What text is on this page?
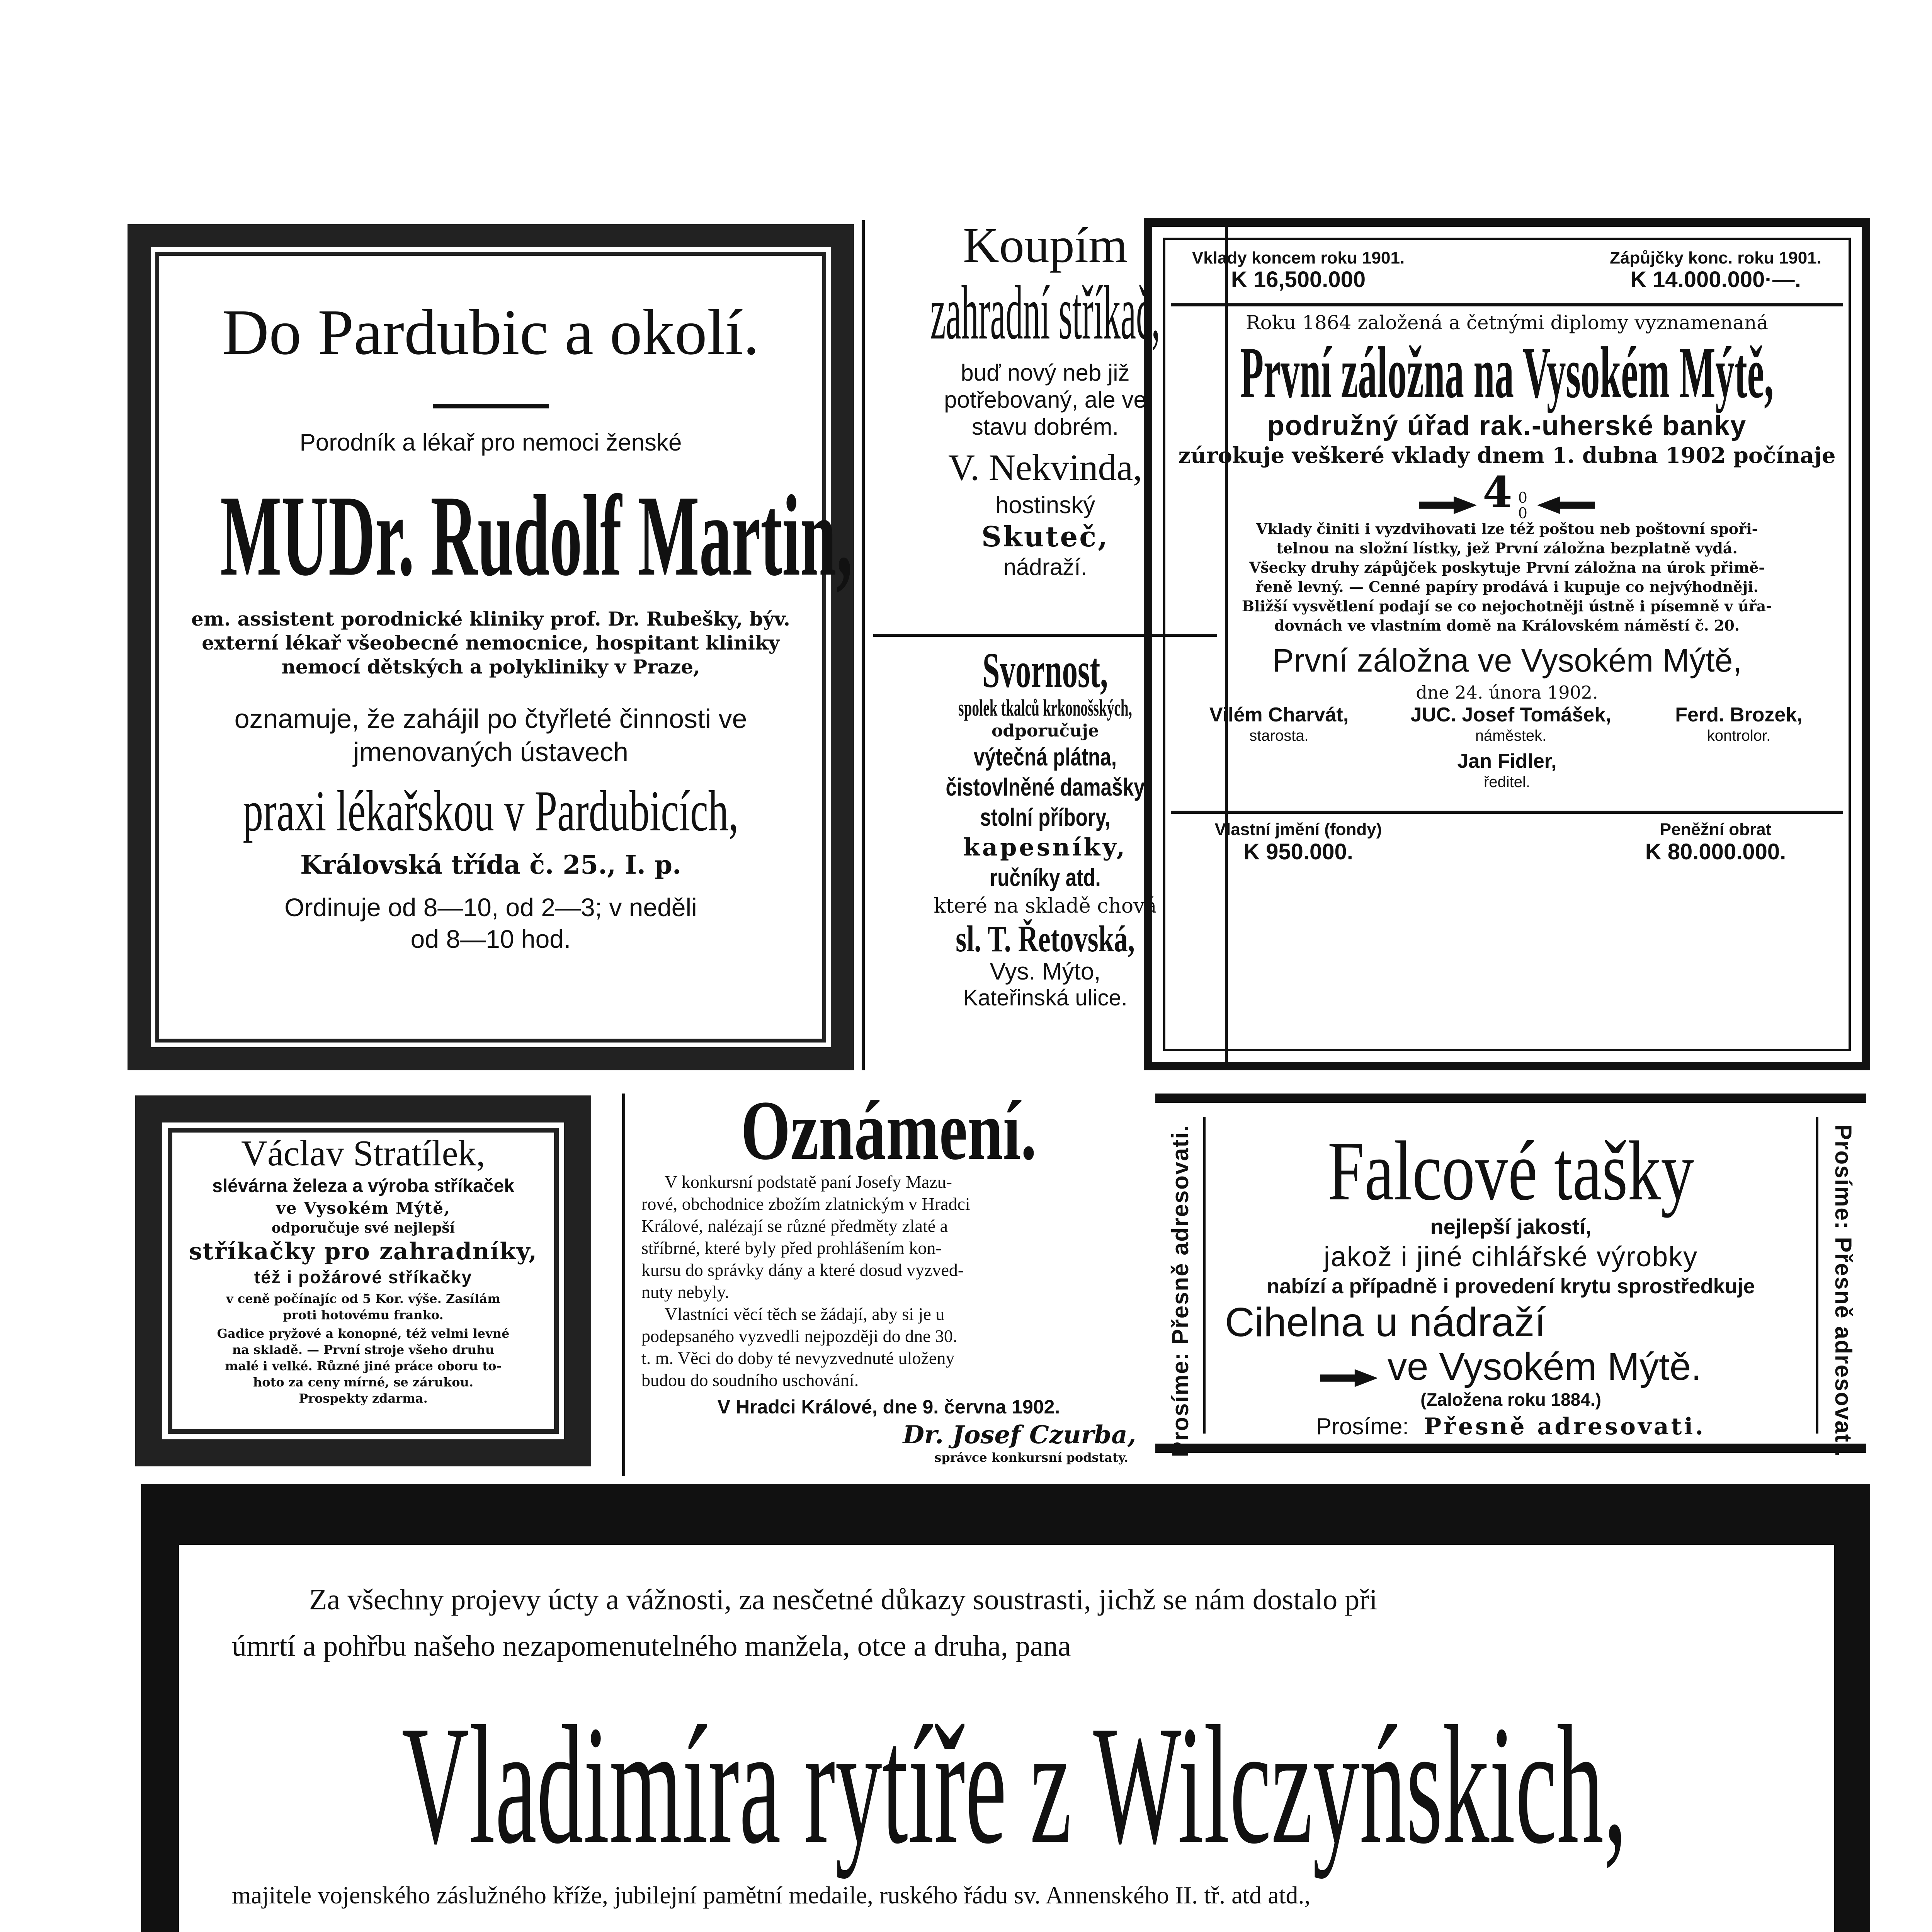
Do Pardubic a okolí.
Porodník a lékař pro nemoci ženské
MUDr. Rudolf Martin,
em. assistent porodnické kliniky prof. Dr. Rubešky, býv.
externí lékař všeobecné nemocnice, hospitant kliniky
nemocí dětských a polykliniky v Praze,
oznamuje, že zahájil po čtyřleté činnosti ve
jmenovaných ústavech
praxi lékařskou v Pardubicích,
Královská třída č. 25., I. p.
Ordinuje od 8—10, od 2—3; v neděli
od 8—10 hod.
Koupím
zahradní stříkač,
buď nový neb již
potřebovaný, ale ve
stavu dobrém.
V. Nekvinda,
hostinský
Skuteč,
nádraží.
Svornost,
spolek tkalců krkonošských,
odporučuje
výtečná plátna,
čistovlněné damašky
stolní příbory,
kapesníky,
ručníky atd.
které na skladě chová
sl. T. Řetovská,
Vys. Mýto,
Kateřinská ulice.
Vklady koncem roku 1901.
K 16,500.000
Zápůjčky konc. roku 1901.
K 14.000.000·—.
Roku 1864 založená a četnými diplomy vyznamenaná
První záložna na Vysokém Mýtě,
podružný úřad rak.-uherské banky
zúrokuje veškeré vklady dnem 1. dubna 1902 počínaje
4 0
0

Vklady činiti i vyzdvihovati lze též poštou neb poštovní spoři-
telnou na složní lístky, jež První záložna bezplatně vydá.
Všecky druhy zápůjček poskytuje První záložna na úrok přimě-
řeně levný. — Cenné papíry prodává i kupuje co nejvýhodněji.
Bližší vysvětlení podají se co nejochotněji ústně i písemně v úřa-
dovnách ve vlastním domě na Královském náměstí č. 20.
První záložna ve Vysokém Mýtě,
dne 24. února 1902.
Vilém Charvát,
starosta.
JUC. Josef Tomášek,
náměstek.
Ferd. Brozek,
kontrolor.
Jan Fidler,
ředitel.
Vlastní jmění (fondy)
K 950.000.
Peněžní obrat
K 80.000.000.
Václav Stratílek,
slévárna železa a výroba stříkaček
ve Vysokém Mýtě,
odporučuje své nejlepší
stříkačky pro zahradníky,
též i požárové stříkačky
v ceně počínajíc od 5 Kor. výše. Zasílám
proti hotovému franko.
Gadice pryžové a konopné, též velmi levné
na skladě. — První stroje všeho druhu
malé i velké. Různé jiné práce oboru to-
hoto za ceny mírné, se zárukou.
Prospekty zdarma.
Oznámení.
V konkursní podstatě paní Josefy Mazu-
rové, obchodnice zbožím zlatnickým v Hradci
Králové, nalézají se různé předměty zlaté a
stříbrné, které byly před prohlášením kon-
kursu do správky dány a které dosud vyzved-
nuty nebyly.
Vlastníci věcí těch se žádají, aby si je u
podepsaného vyzvedli nejpozději do dne 30.
t. m. Věci do doby té nevyzvednuté uloženy
budou do soudního uschování.
V Hradci Králové, dne 9. června 1902.
Dr. Josef Czurba,
správce konkursní podstaty.
Prosíme: Přesně adresovati.	Prosíme: Přesně adresovati.
Falcové tašky
nejlepší jakostí,
jakož i jiné cihlářské výrobky
nabízí a případně i provedení krytu sprostředkuje
Cihelna u nádraží
ve Vysokém Mýtě.
(Založena roku 1884.)
Prosíme: Přesně adresovati.
Za všechny projevy úcty a vážnosti, za nesčetné důkazy soustrasti, jichž se nám dostalo při
úmrtí a pohřbu našeho nezapomenutelného manžela, otce a druha, pana
Vladimíra rytíře z Wilczyńskich,
majitele vojenského záslužného kříže, jubilejní pamětní medaile, ruského řádu sv. Annenského II. tř. atd atd.,
